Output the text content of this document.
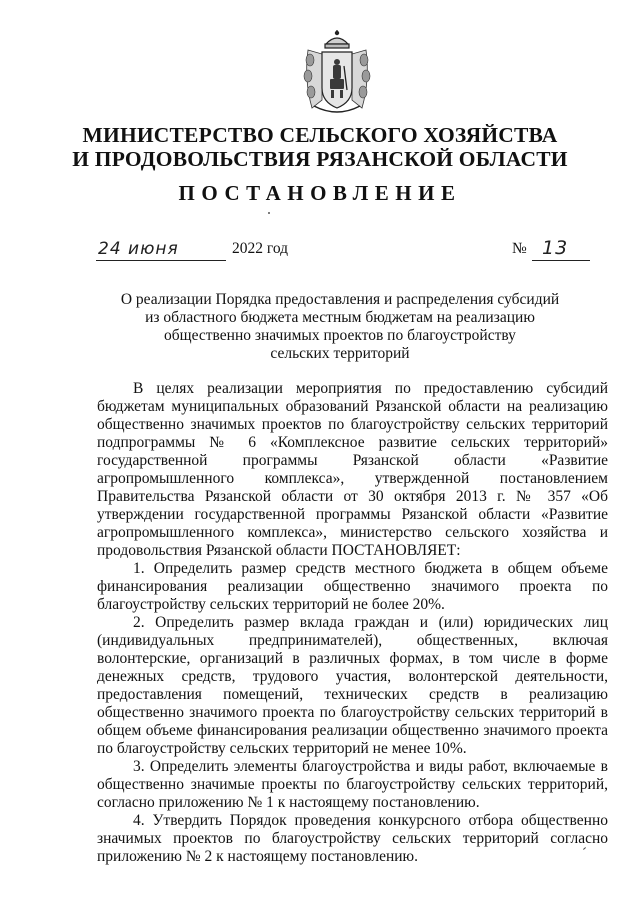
МИНИСТЕРСТВО СЕЛЬСКОГО ХОЗЯЙСТВА
И ПРОДОВОЛЬСТВИЯ РЯЗАНСКОЙ ОБЛАСТИ
ПОСТАНОВЛЕНИЕ
24 июня	2022 год	№ 13
О реализации Порядка предоставления и распределения субсидий
из областного бюджета местным бюджетам на реализацию
общественно значимых проектов по благоустройству
сельских территорий

В целях реализации мероприятия по предоставлению субсидий бюджетам муниципальных образований Рязанской области на реализацию общественно значимых проектов по благоустройству сельских территорий подпрограммы № 6 «Комплексное развитие сельских территорий» государственной программы Рязанской области «Развитие агропромышленного комплекса», утвержденной постановлением Правительства Рязанской области от 30 октября 2013 г. № 357 «Об утверждении государственной программы Рязанской области «Развитие агропромышленного комплекса», министерство сельского хозяйства и продовольствия Рязанской области ПОСТАНОВЛЯЕТ:

1. Определить размер средств местного бюджета в общем объеме финансирования реализации общественно значимого проекта по благоустройству сельских территорий не более 20%.

2. Определить размер вклада граждан и (или) юридических лиц (индивидуальных предпринимателей), общественных, включая волонтерские, организаций в различных формах, в том числе в форме денежных средств, трудового участия, волонтерской деятельности, предоставления помещений, технических средств в реализацию общественно значимого проекта по благоустройству сельских территорий в общем объеме финансирования реализации общественно значимого проекта по благоустройству сельских территорий не менее 10%.

3. Определить элементы благоустройства и виды работ, включаемые в общественно значимые проекты по благоустройству сельских территорий, согласно приложению № 1 к настоящему постановлению.

4. Утвердить Порядок проведения конкурсного отбора общественно значимых проектов по благоустройству сельских территорий согласно приложению № 2 к настоящему постановлению.
